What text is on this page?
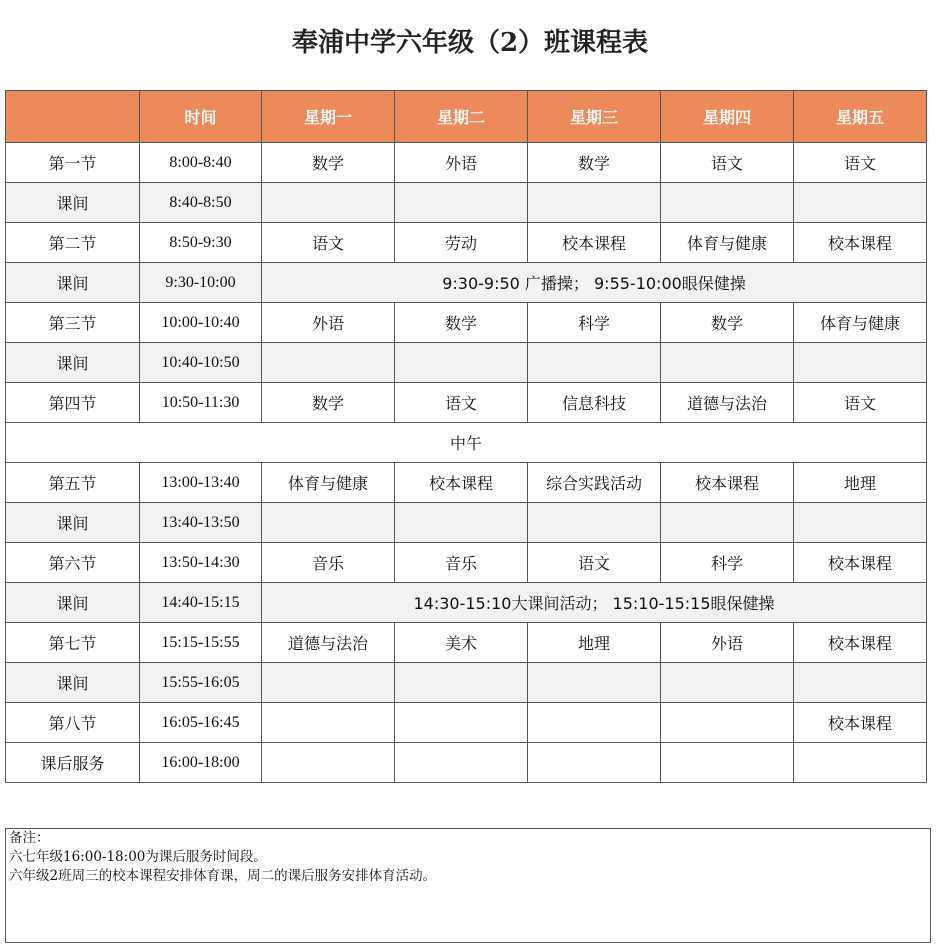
奉浦中学六年级（2）班课程表
	时间	星期一	星期二	星期三	星期四	星期五
第一节	8:00-8:40	数学	外语	数学	语文	语文
课间	8:40-8:50					
第二节	8:50-9:30	语文	劳动	校本课程	体育与健康	校本课程
课间	9:30-10:00	9:30-9:50 广播操； 9:55-10:00眼保健操				
第三节	10:00-10:40	外语	数学	科学	数学	体育与健康
课间	10:40-10:50					
第四节	10:50-11:30	数学	语文	信息科技	道德与法治	语文
中午						
第五节	13:00-13:40	体育与健康	校本课程	综合实践活动	校本课程	地理
课间	13:40-13:50					
第六节	13:50-14:30	音乐	音乐	语文	科学	校本课程
课间	14:40-15:15	14:30-15:10大课间活动； 15:10-15:15眼保健操				
第七节	15:15-15:55	道德与法治	美术	地理	外语	校本课程
课间	15:55-16:05					
第八节	16:05-16:45					校本课程
课后服务	16:00-18:00					
备注：
六七年级16:00-18:00为课后服务时间段。
六年级2班周三的校本课程安排体育课，周二的课后服务安排体育活动。
